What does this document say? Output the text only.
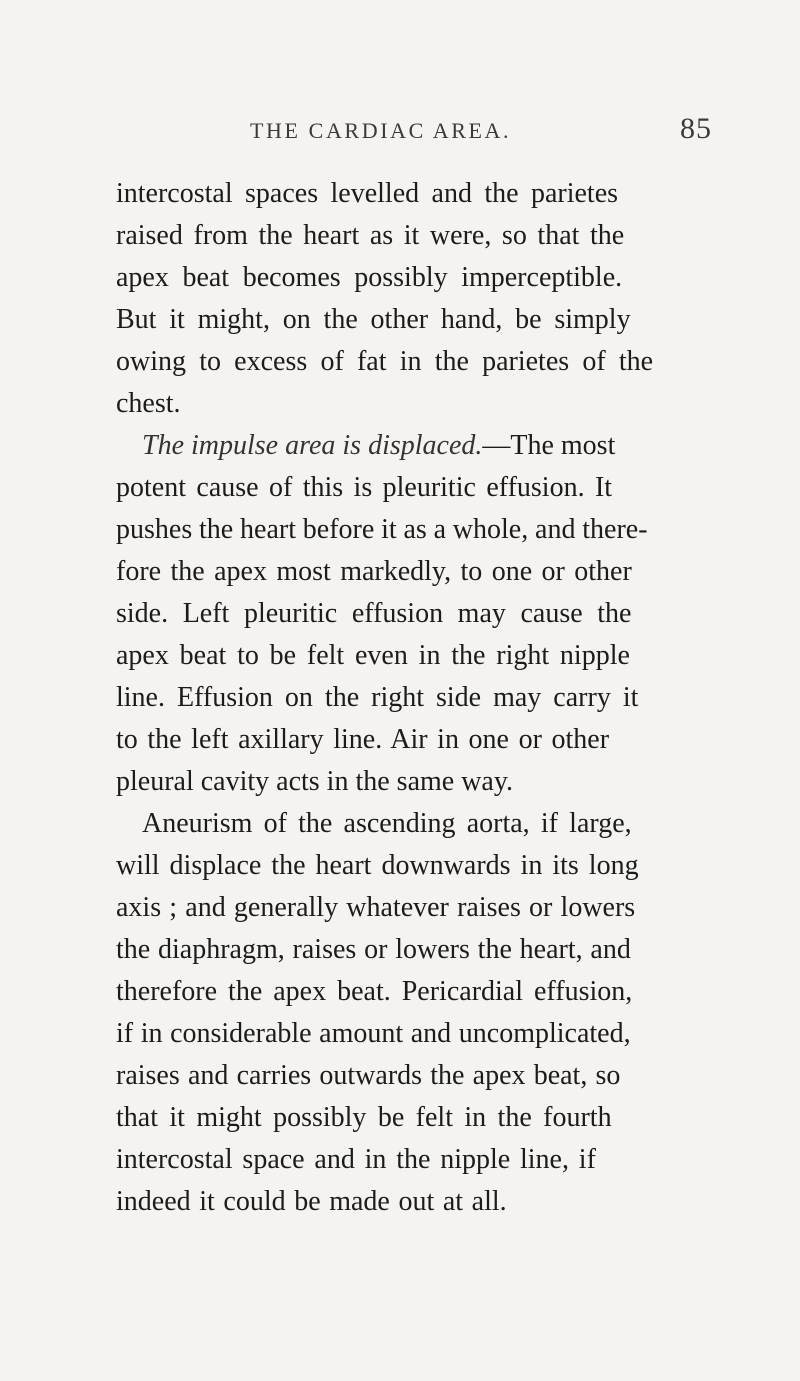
THE CARDIAC AREA.	85
intercostal spaces levelled and the parietes
raised from the heart as it were, so that the
apex beat becomes possibly imperceptible.
But it might, on the other hand, be simply
owing to excess of fat in the parietes of the
chest.
The impulse area is displaced.—The most
potent cause of this is pleuritic effusion. It
pushes the heart before it as a whole, and there-
fore the apex most markedly, to one or other
side. Left pleuritic effusion may cause the
apex beat to be felt even in the right nipple
line. Effusion on the right side may carry it
to the left axillary line. Air in one or other
pleural cavity acts in the same way.
Aneurism of the ascending aorta, if large,
will displace the heart downwards in its long
axis ; and generally whatever raises or lowers
the diaphragm, raises or lowers the heart, and
therefore the apex beat. Pericardial effusion,
if in considerable amount and uncomplicated,
raises and carries outwards the apex beat, so
that it might possibly be felt in the fourth
intercostal space and in the nipple line, if
indeed it could be made out at all.
